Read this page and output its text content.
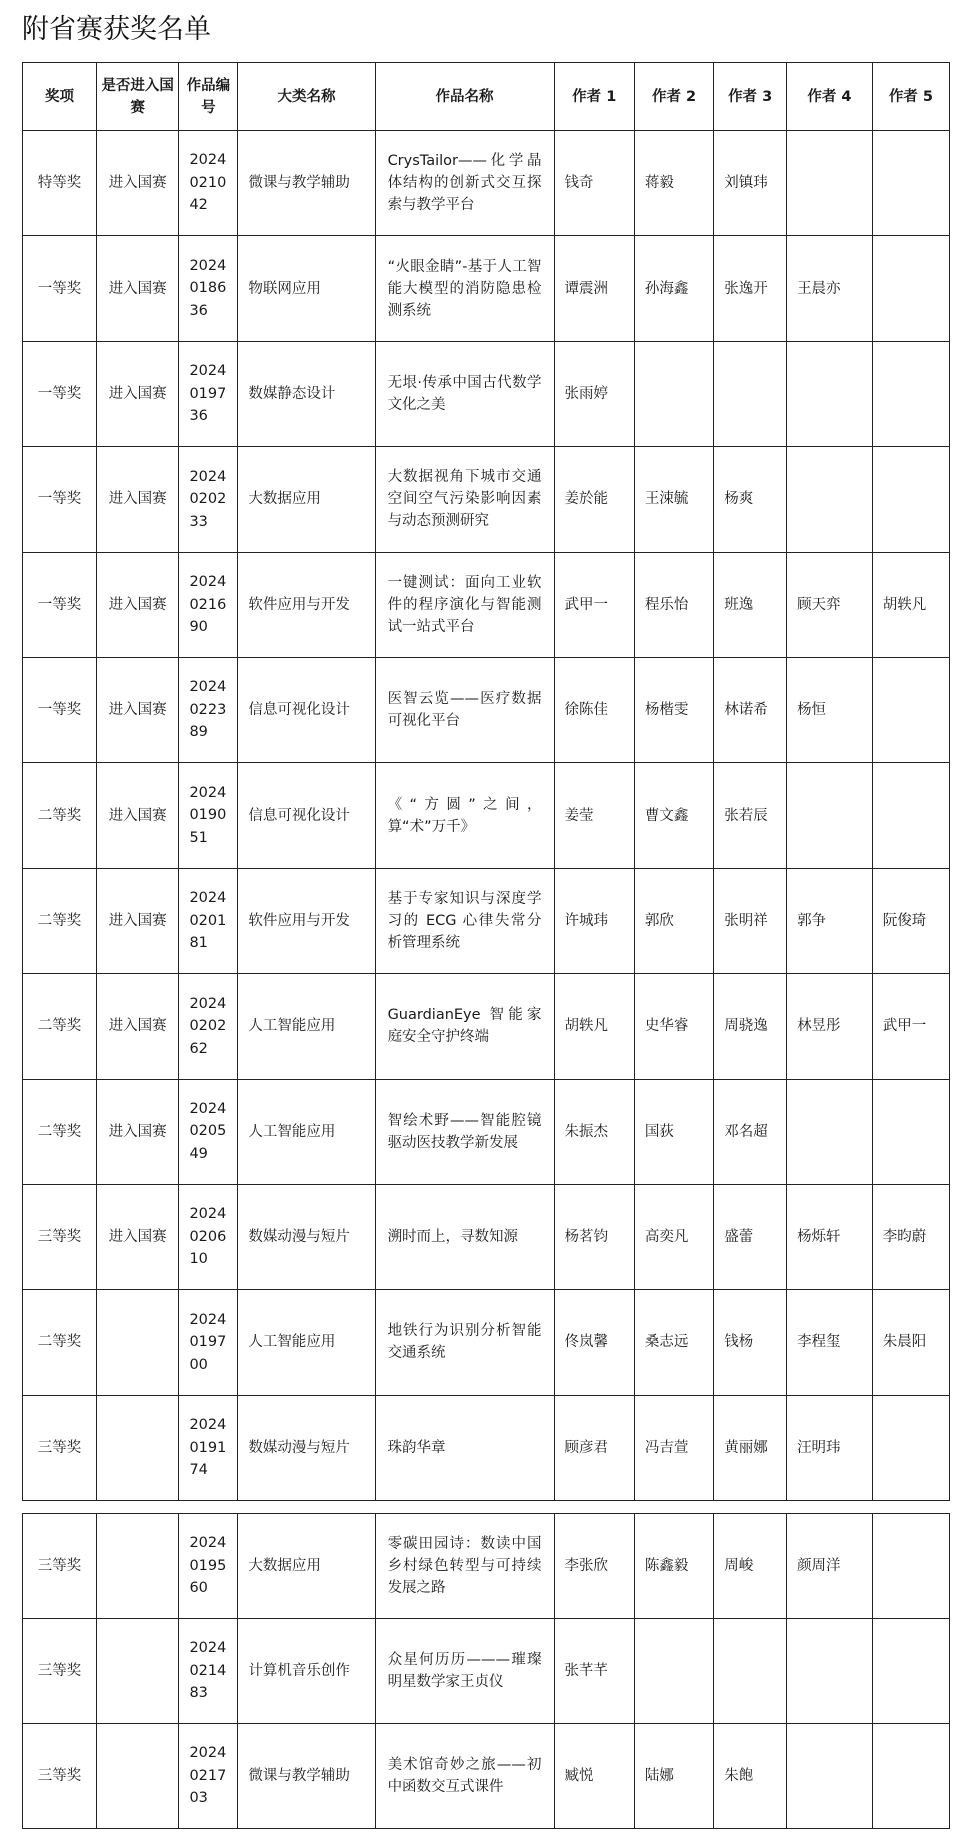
附省赛获奖名单
奖项	是否进入国赛	作品编号	大类名称	作品名称	作者 1	作者 2	作者 3	作者 4	作者 5
特等奖	进入国赛	2024021042	微课与教学辅助	CrysTailor——化学晶体结构的创新式交互探索与教学平台	钱奇	蒋毅	刘镇玮		
一等奖	进入国赛	2024018636	物联网应用	“火眼金睛”-基于人工智能大模型的消防隐患检测系统	谭震洲	孙海鑫	张逸开	王晨亦	
一等奖	进入国赛	2024019736	数媒静态设计	无垠·传承中国古代数学文化之美	张雨婷				
一等奖	进入国赛	2024020233	大数据应用	大数据视角下城市交通空间空气污染影响因素与动态预测研究	姜於能	王涑毓	杨爽		
一等奖	进入国赛	2024021690	软件应用与开发	一键测试：面向工业软件的程序演化与智能测试一站式平台	武甲一	程乐怡	班逸	顾天弈	胡轶凡
一等奖	进入国赛	2024022389	信息可视化设计	医智云览——医疗数据可视化平台	徐陈佳	杨楷雯	林诺希	杨恒	
二等奖	进入国赛	2024019051	信息可视化设计	《“方圆”之间，算“术”万千》	姜莹	曹文鑫	张若辰		
二等奖	进入国赛	2024020181	软件应用与开发	基于专家知识与深度学习的 ECG 心律失常分析管理系统	许城玮	郭欣	张明祥	郭争	阮俊琦
二等奖	进入国赛	2024020262	人工智能应用	GuardianEye 智能家庭安全守护终端	胡轶凡	史华睿	周骁逸	林昱彤	武甲一
二等奖	进入国赛	2024020549	人工智能应用	智绘术野——智能腔镜驱动医技教学新发展	朱振杰	国荻	邓名超		
三等奖	进入国赛	2024020610	数媒动漫与短片	溯时而上，寻数知源	杨茗钧	高奕凡	盛蕾	杨烁轩	李昀蔚
二等奖		2024019700	人工智能应用	地铁行为识别分析智能交通系统	佟岚馨	桑志远	钱杨	李程玺	朱晨阳
三等奖		2024019174	数媒动漫与短片	珠韵华章	顾彦君	冯吉萱	黄丽娜	汪明玮	
三等奖		2024019560	大数据应用	零碳田园诗：数读中国乡村绿色转型与可持续发展之路	李张欣	陈鑫毅	周峻	颜周洋	
三等奖		2024021483	计算机音乐创作	众星何历历———璀璨明星数学家王贞仪	张芊芊				
三等奖		2024021703	微课与教学辅助	美术馆奇妙之旅——初中函数交互式课件	臧悦	陆娜	朱飽		
